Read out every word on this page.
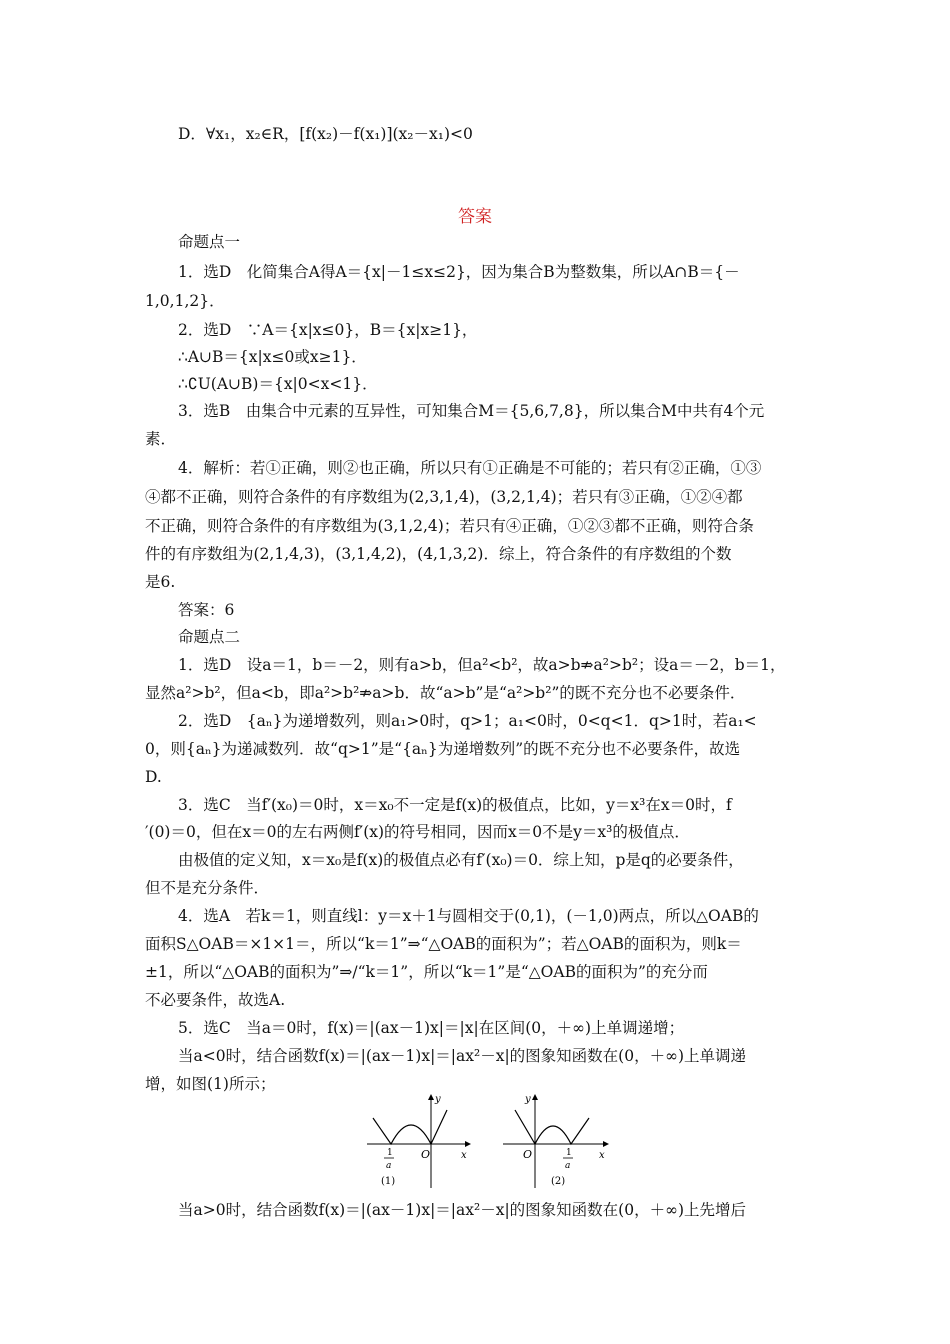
D．∀x₁，x₂∈R，[f(x₂)－f(x₁)](x₂－x₁)<0
答案
命题点一
1．选D　化简集合A得A＝{x|－1≤x≤2}，因为集合B为整数集，所以A∩B＝{－
1,0,1,2}．
2．选D　∵A＝{x|x≤0}，B＝{x|x≥1}，
∴A∪B＝{x|x≤0或x≥1}．
∴∁U(A∪B)＝{x|0<x<1}．
3．选B　由集合中元素的互异性，可知集合M＝{5,6,7,8}，所以集合M中共有4个元
素．
4．解析：若①正确，则②也正确，所以只有①正确是不可能的；若只有②正确，①③
④都不正确，则符合条件的有序数组为(2,3,1,4)，(3,2,1,4)；若只有③正确，①②④都
不正确，则符合条件的有序数组为(3,1,2,4)；若只有④正确，①②③都不正确，则符合条
件的有序数组为(2,1,4,3)，(3,1,4,2)，(4,1,3,2)．综上，符合条件的有序数组的个数
是6.
答案：6
命题点二
1．选D　设a＝1，b＝－2，则有a>b，但a²<b²，故a>b⇏a²>b²；设a＝－2，b＝1，
显然a²>b²，但a<b，即a²>b²⇏a>b．故“a>b”是“a²>b²”的既不充分也不必要条件．
2．选D　{aₙ}为递增数列，则a₁>0时，q>1；a₁<0时，0<q<1．q>1时，若a₁<
0，则{aₙ}为递减数列．故“q>1”是“{aₙ}为递增数列”的既不充分也不必要条件，故选
D.
3．选C　当f′(x₀)＝0时，x＝x₀不一定是f(x)的极值点，比如，y＝x³在x＝0时，f
′(0)＝0，但在x＝0的左右两侧f′(x)的符号相同，因而x＝0不是y＝x³的极值点．
由极值的定义知，x＝x₀是f(x)的极值点必有f′(x₀)＝0．综上知，p是q的必要条件，
但不是充分条件．
4．选A　若k＝1，则直线l：y＝x＋1与圆相交于(0,1)，(－1,0)两点，所以△OAB的
面积S△OAB＝×1×1＝，所以“k＝1”⇒“△OAB的面积为”；若△OAB的面积为，则k＝
±1，所以“△OAB的面积为”⇒/“k＝1”，所以“k＝1”是“△OAB的面积为”的充分而
不必要条件，故选A.
5．选C　当a＝0时，f(x)＝|(ax－1)x|＝|x|在区间(0，＋∞)上单调递增；
当a<0时，结合函数f(x)＝|(ax－1)x|＝|ax²－x|的图象知函数在(0，＋∞)上单调递
增，如图(1)所示；
y
x
O
1
a
(1)
y
x
O	1
a
(2)
当a>0时，结合函数f(x)＝|(ax－1)x|＝|ax²－x|的图象知函数在(0，＋∞)上先增后
